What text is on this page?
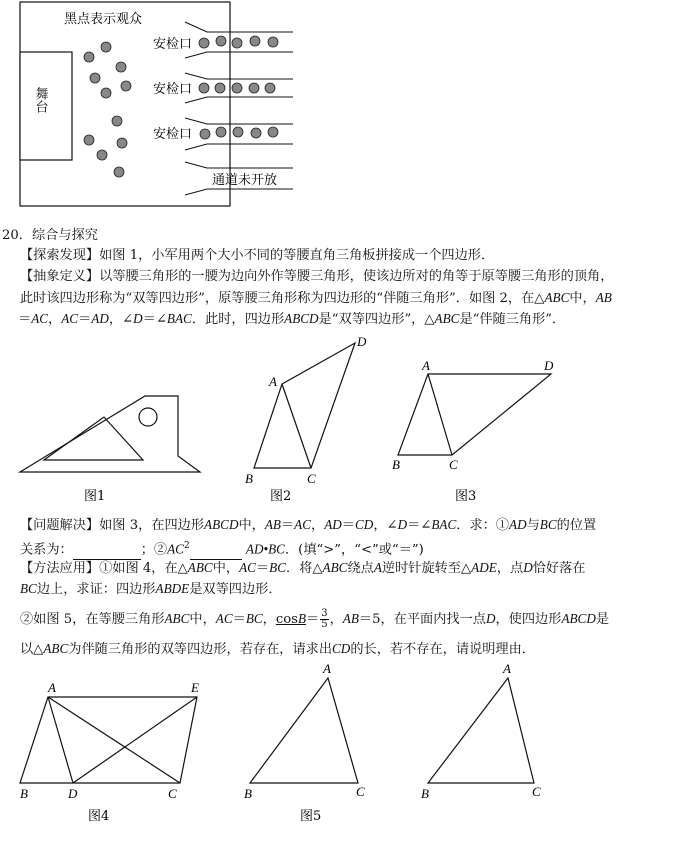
黑点表示观众
舞台
安检口
安检口
安检口
通道未开放
20．综合与探究
【探索发现】如图 1，小军用两个大小不同的等腰直角三角板拼接成一个四边形．
【抽象定义】以等腰三角形的一腰为边向外作等腰三角形，使该边所对的角等于原等腰三角形的顶角，
此时该四边形称为“双等四边形”，原等腰三角形称为四边形的“伴随三角形”．如图 2，在△ABC中，AB
＝AC，AC＝AD，∠D＝∠BAC．此时，四边形ABCD是“双等四边形”，△ABC是“伴随三角形”．
A
B	C
D
A
B	C
D
图1	图2	图3
【问题解决】如图 3，在四边形ABCD中，AB＝AC，AD＝CD，∠D＝∠BAC．求：①AD与BC的位置
关系为：	；$②AC^2$	AD•BC．(填“>”，“<”或“＝”)
【方法应用】①如图 4，在△ABC中，AC＝BC．将△ABC绕点A逆时针旋转至△ADE，点D恰好落在
BC边上，求证：四边形ABDE是双等四边形．
②如图 5，在等腰三角形ABC中，AC＝BC，$\cos B= \frac{3}{5}$ ，AB＝5，在平面内找一点D，使四边形ABCD是
以△ABC为伴随三角形的双等四边形，若存在，请求出CD的长，若不存在，请说明理由．
A
B	C
D
E
A
B	C
A
B	C
图4	图5
